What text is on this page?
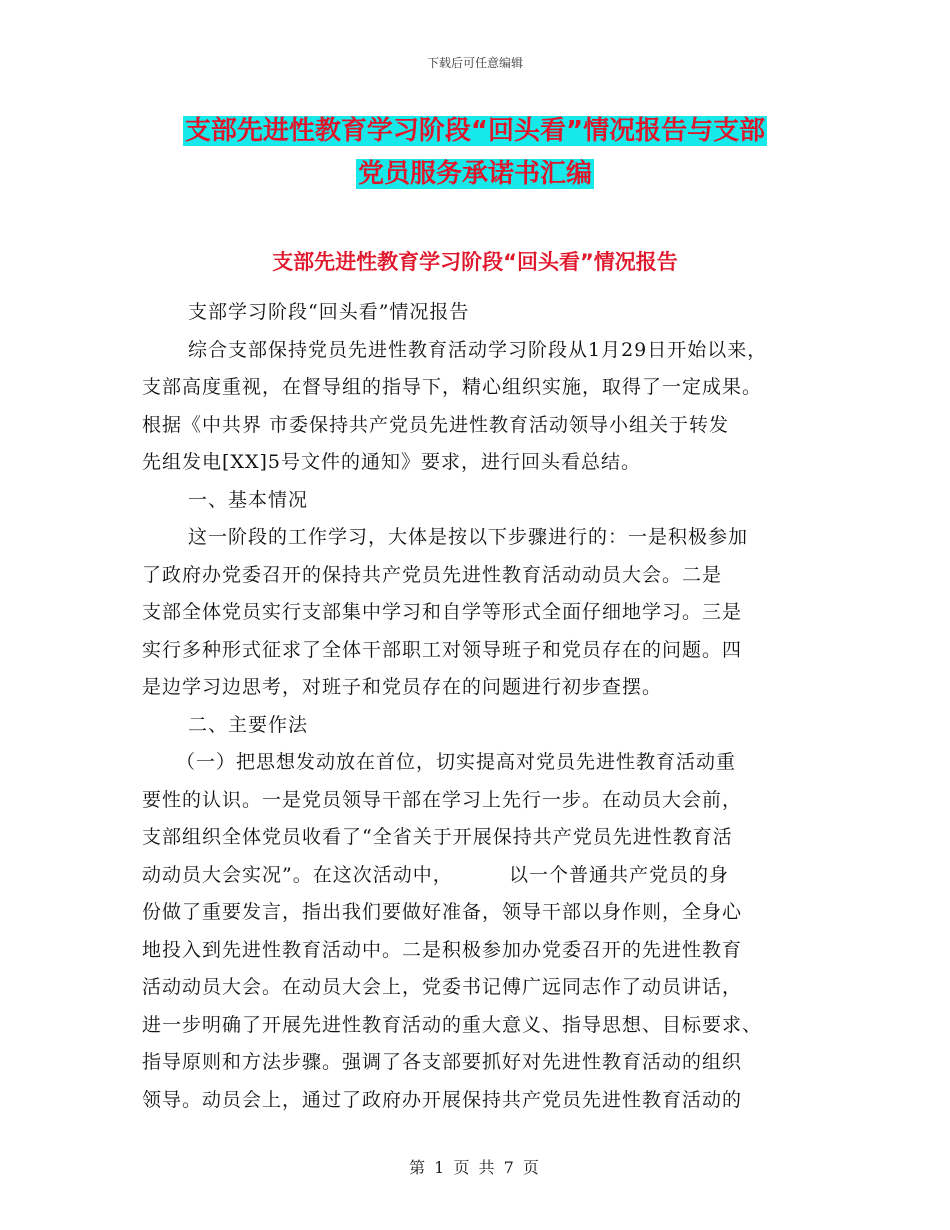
下载后可任意编辑
支部先进性教育学习阶段“回头看”情况报告与支部
党员服务承诺书汇编
支部先进性教育学习阶段“回头看”情况报告
支部学习阶段“回头看”情况报告
综合支部保持党员先进性教育活动学习阶段从1月29日开始以来，
支部高度重视，在督导组的指导下，精心组织实施，取得了一定成果。
根据《中共界 市委保持共产党员先进性教育活动领导小组关于转发
先组发电[XX]5号文件的通知》要求，进行回头看总结。
一、基本情况
这一阶段的工作学习，大体是按以下步骤进行的：一是积极参加
了政府办党委召开的保持共产党员先进性教育活动动员大会。二是
支部全体党员实行支部集中学习和自学等形式全面仔细地学习。三是
实行多种形式征求了全体干部职工对领导班子和党员存在的问题。四
是边学习边思考，对班子和党员存在的问题进行初步查摆。
二、主要作法
（一）把思想发动放在首位，切实提高对党员先进性教育活动重
要性的认识。一是党员领导干部在学习上先行一步。在动员大会前，
支部组织全体党员收看了“全省关于开展保持共产党员先进性教育活
动动员大会实况”。在这次活动中，        以一个普通共产党员的身
份做了重要发言，指出我们要做好准备，领导干部以身作则，全身心
地投入到先进性教育活动中。二是积极参加办党委召开的先进性教育
活动动员大会。在动员大会上，党委书记傅广远同志作了动员讲话，
进一步明确了开展先进性教育活动的重大意义、指导思想、目标要求、
指导原则和方法步骤。强调了各支部要抓好对先进性教育活动的组织
领导。动员会上，通过了政府办开展保持共产党员先进性教育活动的
第 1 页 共 7 页
